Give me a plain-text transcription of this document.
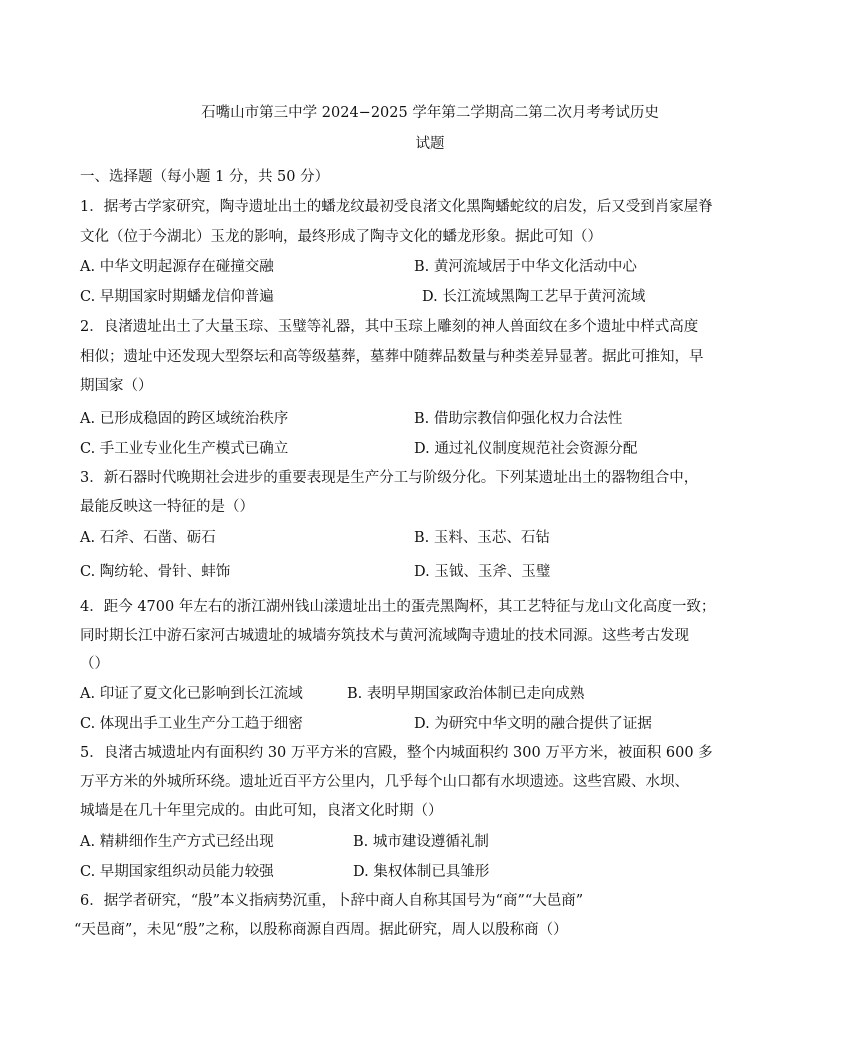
石嘴山市第三中学 2024−2025 学年第二学期高二第二次月考考试历史
试题
一、选择题（每小题 1 分，共 50 分）
1．据考古学家研究，陶寺遗址出土的蟠龙纹最初受良渚文化黑陶蟠蛇纹的启发，后又受到肖家屋脊
文化（位于今湖北）玉龙的影响，最终形成了陶寺文化的蟠龙形象。据此可知（）
A. 中华文明起源存在碰撞交融	B. 黄河流域居于中华文化活动中心
C. 早期国家时期蟠龙信仰普遍	D. 长江流域黑陶工艺早于黄河流域
2．良渚遗址出土了大量玉琮、玉璧等礼器，其中玉琮上雕刻的神人兽面纹在多个遗址中样式高度
相似；遗址中还发现大型祭坛和高等级墓葬，墓葬中随葬品数量与种类差异显著。据此可推知，早
期国家（）
A. 已形成稳固的跨区域统治秩序	B. 借助宗教信仰强化权力合法性
C. 手工业专业化生产模式已确立	D. 通过礼仪制度规范社会资源分配
3．新石器时代晚期社会进步的重要表现是生产分工与阶级分化。下列某遗址出土的器物组合中，
最能反映这一特征的是（）
A. 石斧、石凿、砺石	B. 玉料、玉芯、石钻
C. 陶纺轮、骨针、蚌饰	D. 玉钺、玉斧、玉璧
4．距今 4700 年左右的浙江湖州钱山漾遗址出土的蛋壳黑陶杯，其工艺特征与龙山文化高度一致；
同时期长江中游石家河古城遗址的城墙夯筑技术与黄河流域陶寺遗址的技术同源。这些考古发现
（）
A. 印证了夏文化已影响到长江流域	B. 表明早期国家政治体制已走向成熟
C. 体现出手工业生产分工趋于细密	D. 为研究中华文明的融合提供了证据
5．良渚古城遗址内有面积约 30 万平方米的宫殿，整个内城面积约 300 万平方米，被面积 600 多
万平方米的外城所环绕。遗址近百平方公里内，几乎每个山口都有水坝遗迹。这些宫殿、水坝、
城墙是在几十年里完成的。由此可知，良渚文化时期（）
A. 精耕细作生产方式已经出现	B. 城市建设遵循礼制
C. 早期国家组织动员能力较强	D. 集权体制已具雏形
6．据学者研究，“殷”本义指病势沉重，卜辞中商人自称其国号为“商”“大邑商”
“天邑商”，未见“殷”之称，以殷称商源自西周。据此研究，周人以殷称商（）
